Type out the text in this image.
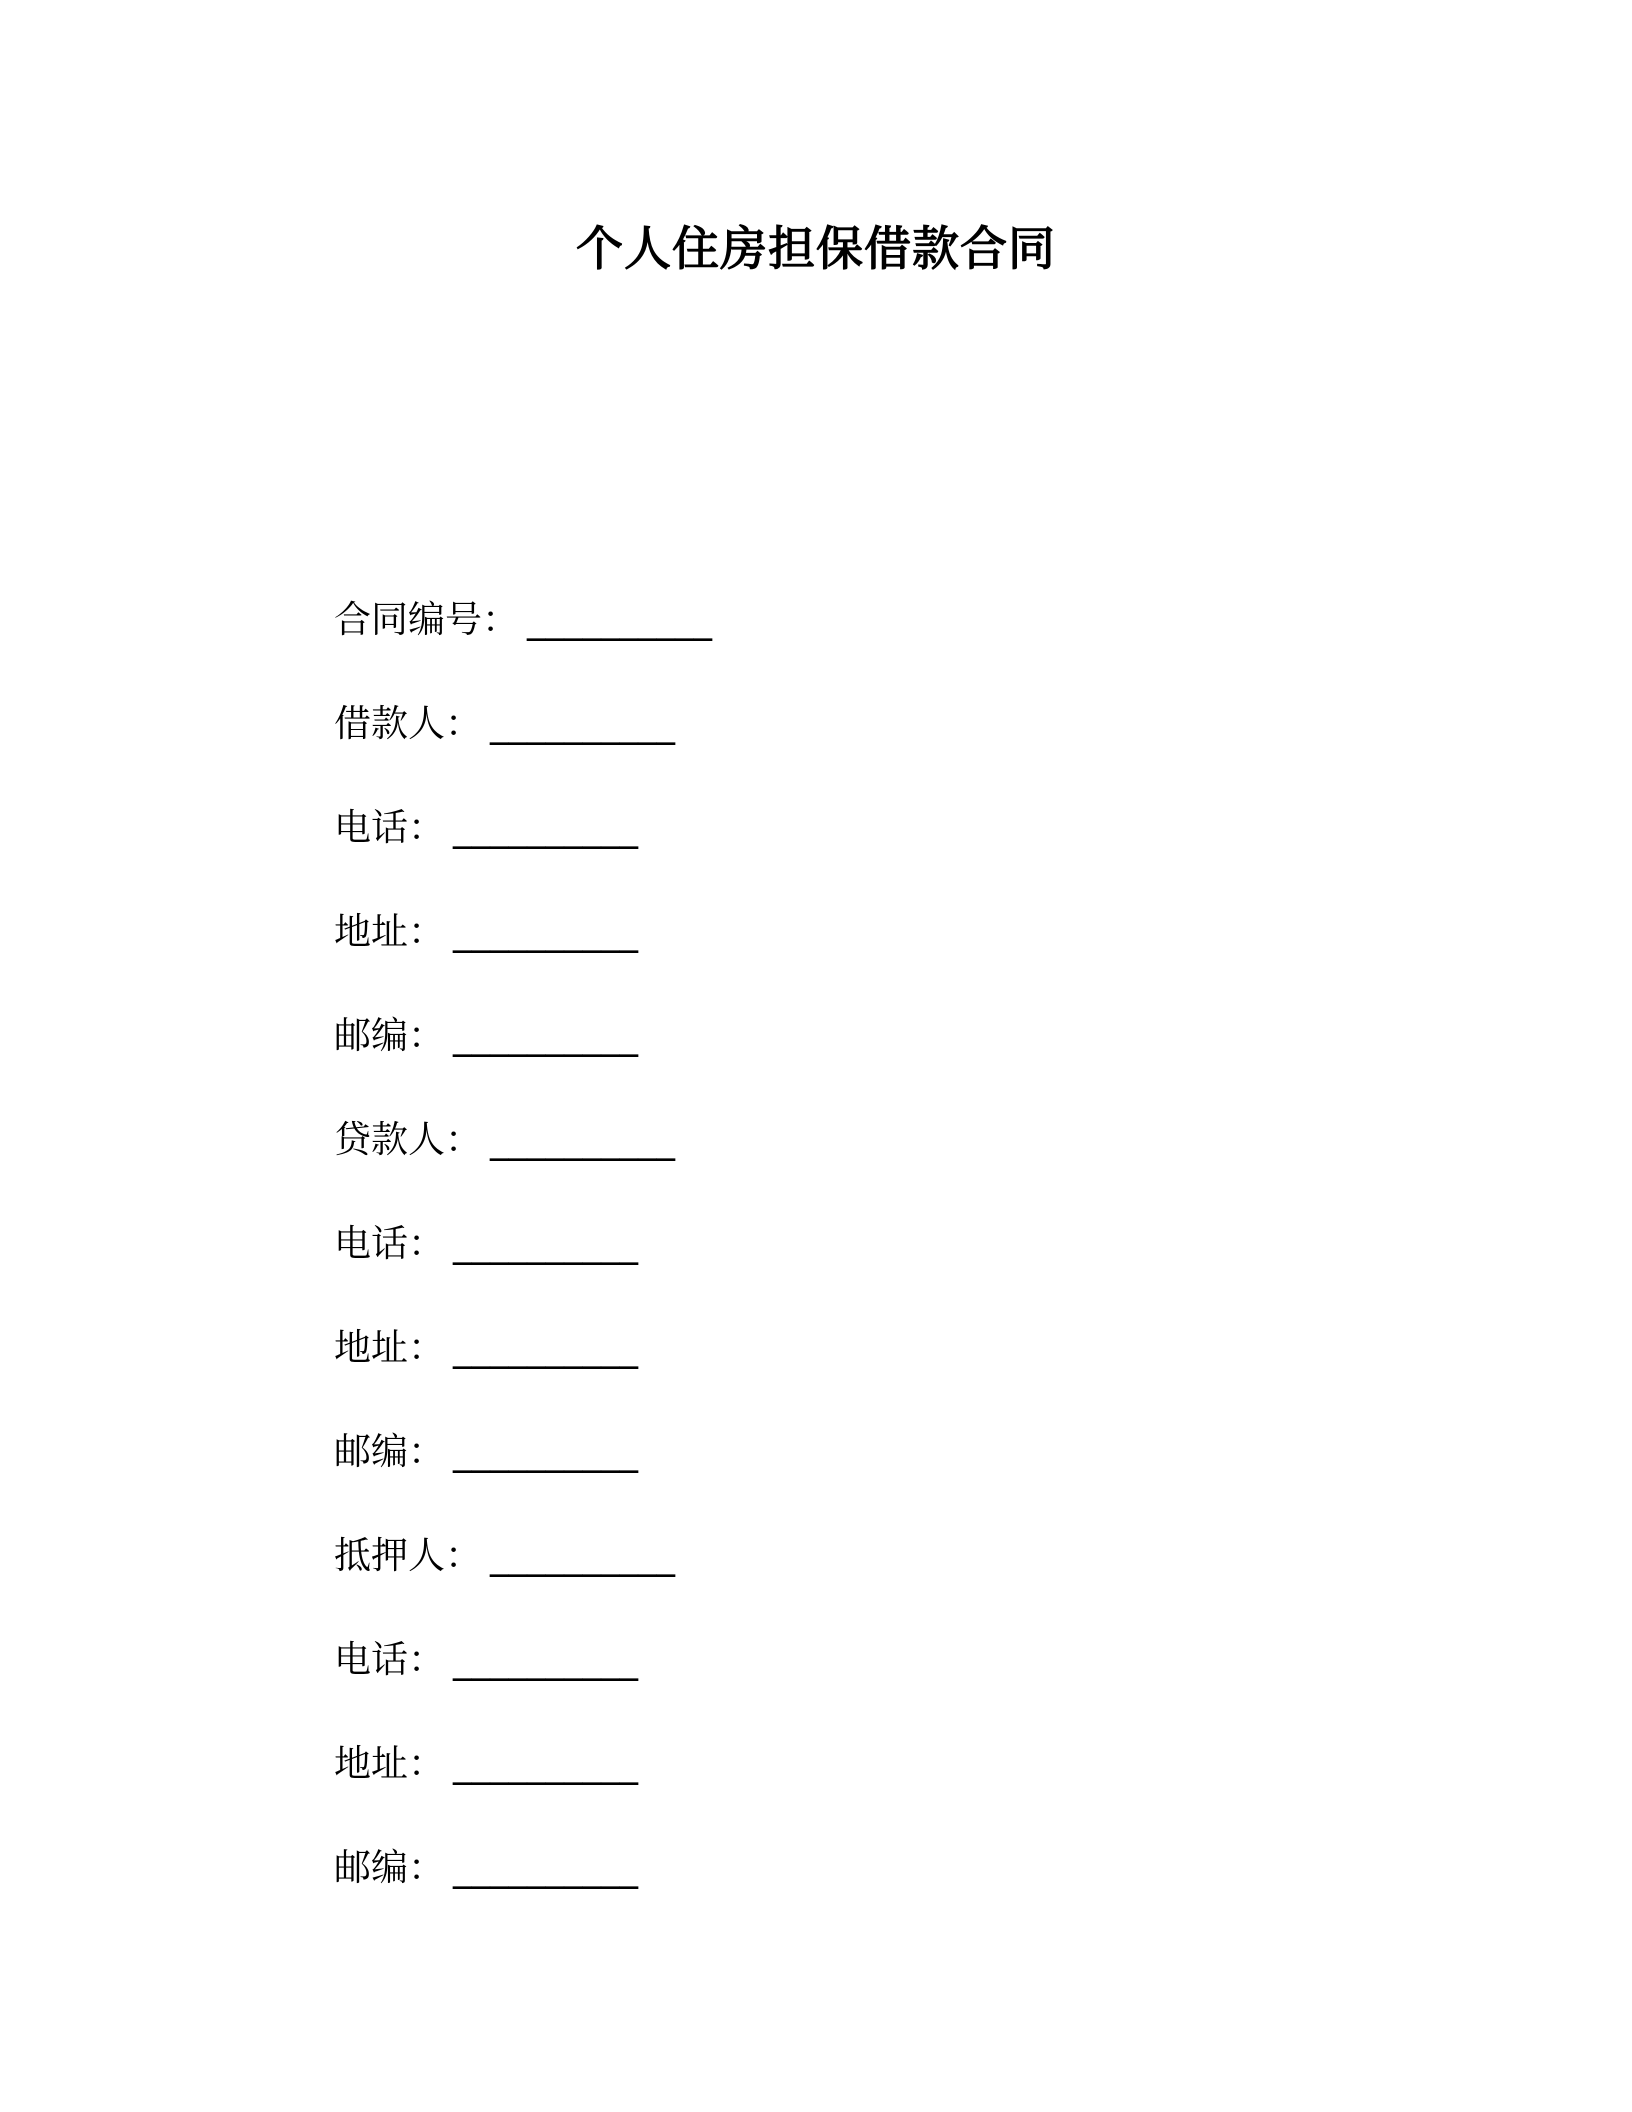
个人住房担保借款合同
合同编号： __________
借款人： __________
电话： __________
地址： __________
邮编： __________
贷款人： __________
电话： __________
地址： __________
邮编： __________
抵押人： __________
电话： __________
地址： __________
邮编： __________
